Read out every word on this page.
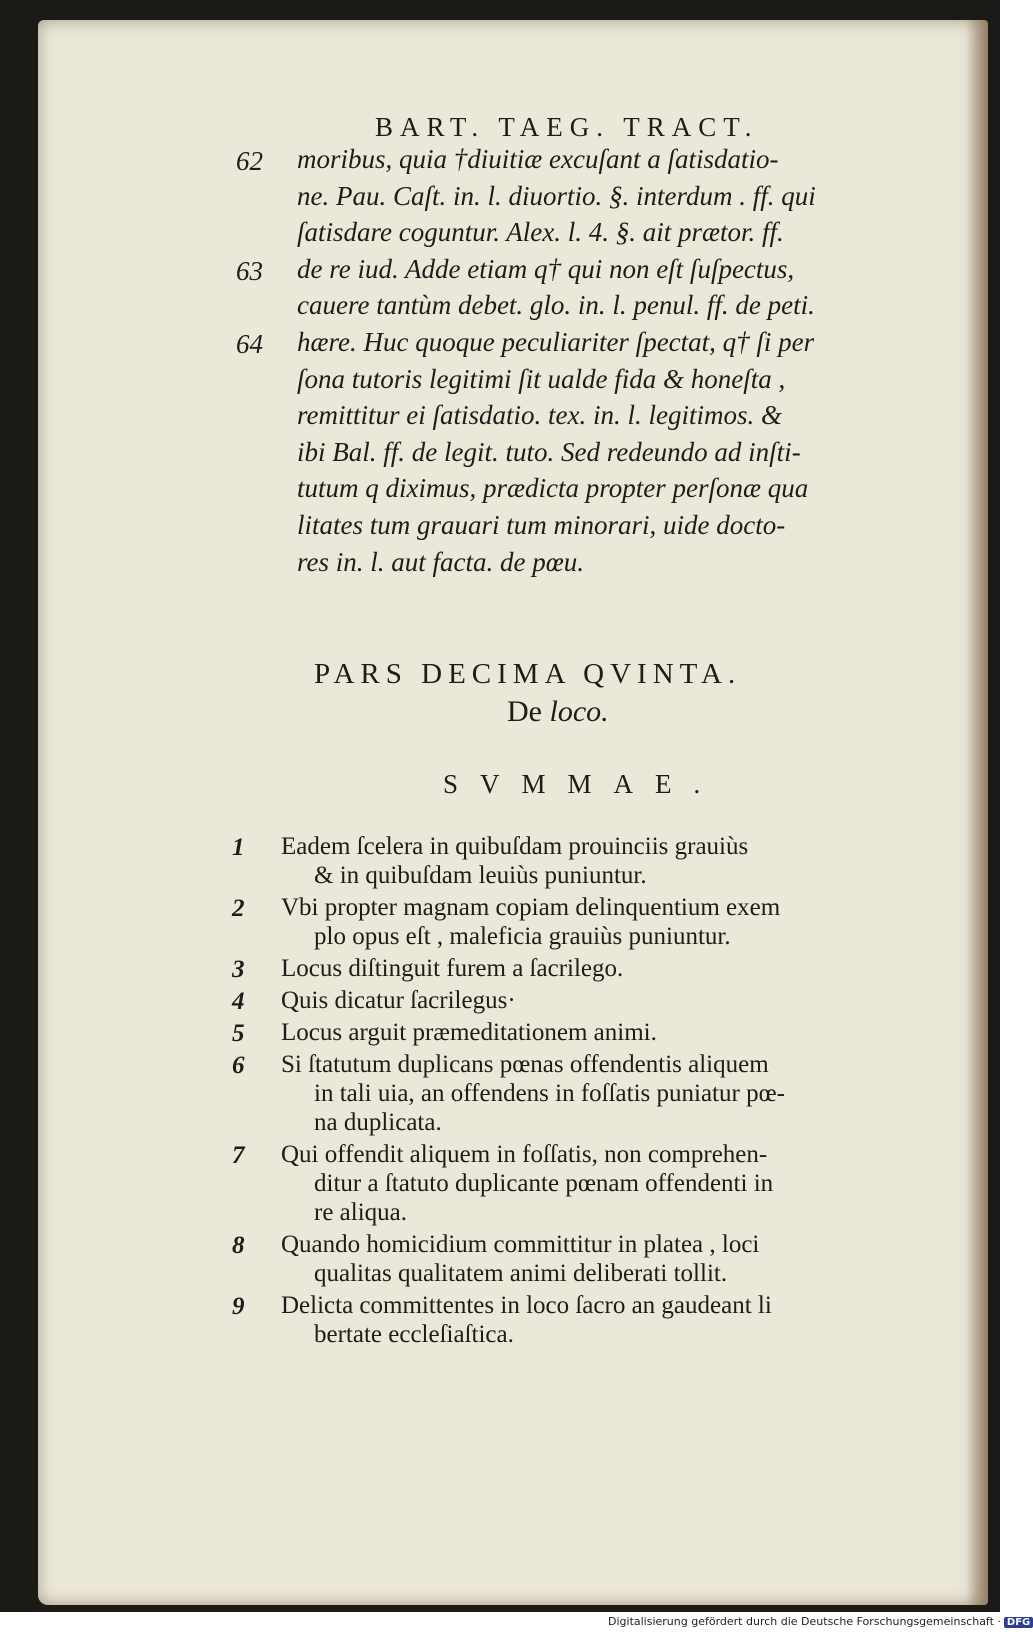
BART. TAEG. TRACT.
62 moribus, quia †diuitiæ excuſant a ſatisdatio-
ne. Pau. Caſt. in. l. diuortio. §. interdum . ff. qui
ſatisdare coguntur. Alex. l. 4. §. ait prætor. ff.
63 de re iud. Adde etiam q† qui non eſt ſuſpectus,
cauere tantùm debet. glo. in. l. penul. ff. de peti.
64 hære. Huc quoque peculiariter ſpectat, q† ſi per
ſona tutoris legitimi ſit ualde fida & honeſta ,
remittitur ei ſatisdatio. tex. in. l. legitimos. &
ibi Bal. ff. de legit. tuto. Sed redeundo ad inſti-
tutum q diximus, prædicta propter perſonæ qua
litates tum grauari tum minorari, uide docto-
res in. l. aut facta. de pœu.
PARS DECIMA QVINTA.
De loco.
SVMMAE.
1 Eadem ſcelera in quibuſdam prouinciis grauiùs
& in quibuſdam leuiùs puniuntur.
2 Vbi propter magnam copiam delinquentium exem
plo opus eſt , maleficia grauiùs puniuntur.
3 Locus diſtinguit furem a ſacrilego.
4 Quis dicatur ſacrilegus·
5 Locus arguit præmeditationem animi.
6 Si ſtatutum duplicans pœnas offendentis aliquem
in tali uia, an offendens in foſſatis puniatur pœ-
na duplicata.
7 Qui offendit aliquem in foſſatis, non comprehen-
ditur a ſtatuto duplicante pœnam offendenti in
re aliqua.
8 Quando homicidium committitur in platea , loci
qualitas qualitatem animi deliberati tollit.
9 Delicta committentes in loco ſacro an gaudeant li
bertate eccleſiaſtica.
Digitalisierung gefördert durch die Deutsche Forschungsgemeinschaft · DFG
